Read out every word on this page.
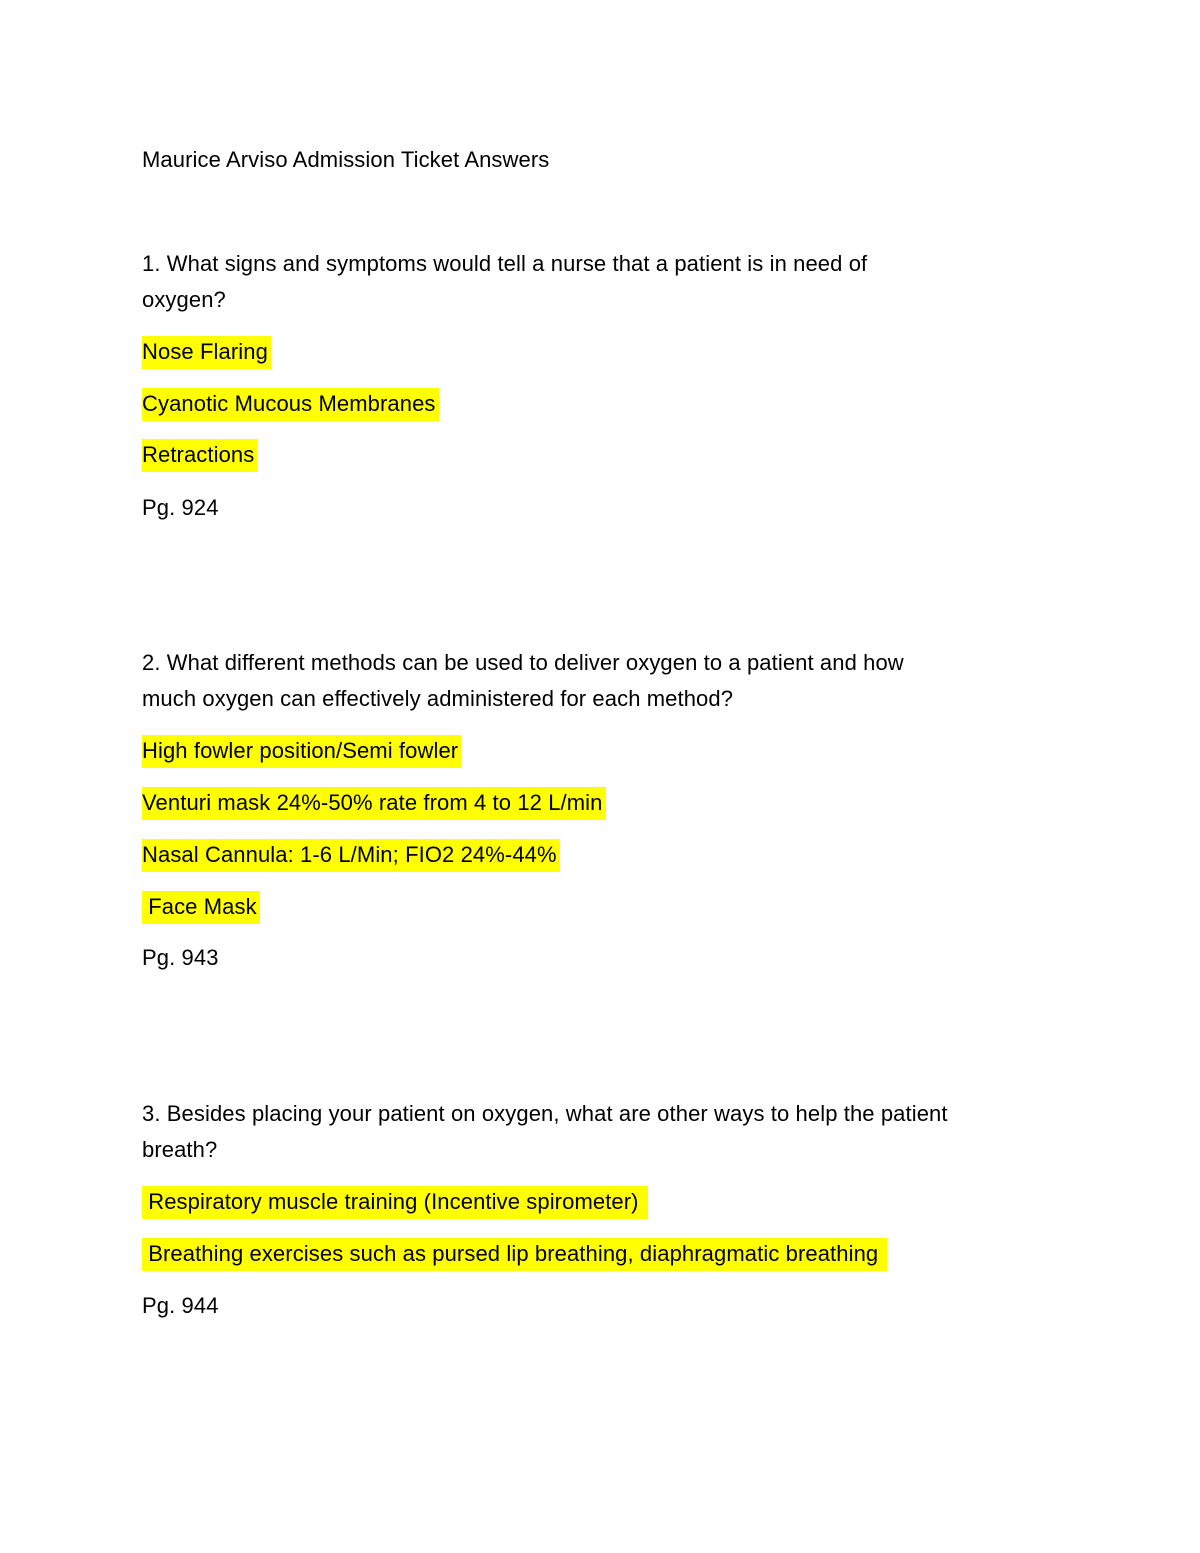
Maurice Arviso Admission Ticket Answers
1. What signs and symptoms would tell a nurse that a patient is in need of
oxygen?
Nose Flaring
Cyanotic Mucous Membranes
Retractions
Pg. 924
2. What different methods can be used to deliver oxygen to a patient and how
much oxygen can effectively administered for each method?
High fowler position/Semi fowler
Venturi mask 24%-50% rate from 4 to 12 L/min
Nasal Cannula: 1-6 L/Min; FIO2 24%-44%
Face Mask
Pg. 943
3. Besides placing your patient on oxygen, what are other ways to help the patient
breath?
Respiratory muscle training (Incentive spirometer)
Breathing exercises such as pursed lip breathing, diaphragmatic breathing
Pg. 944
